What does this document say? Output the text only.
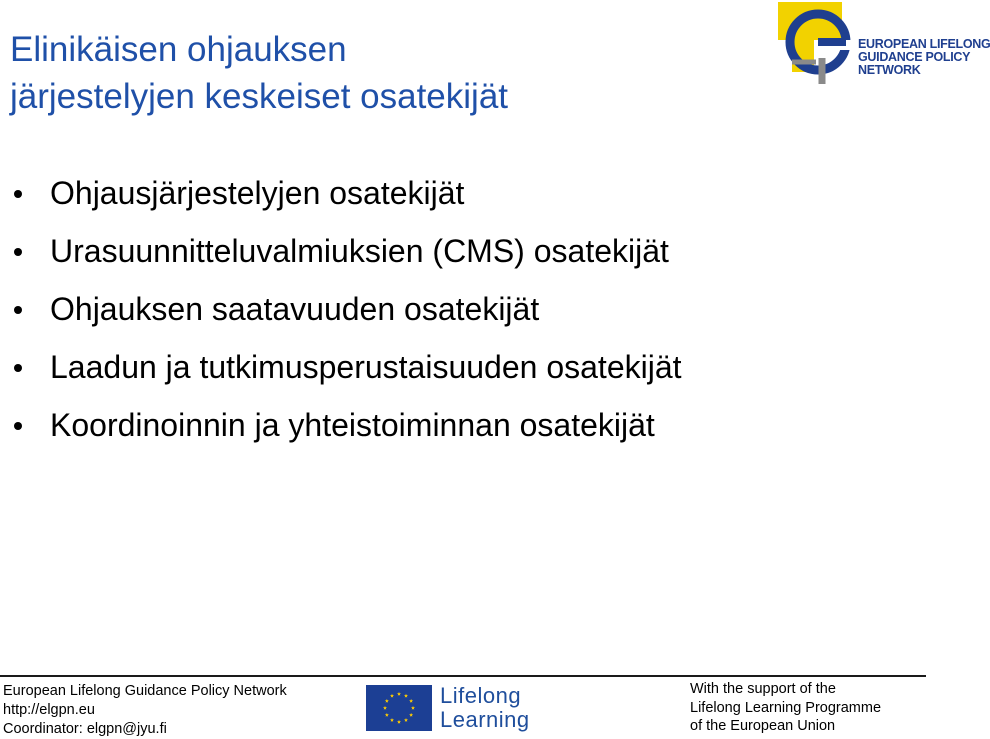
Elinikäisen ohjauksen
järjestelyjen keskeiset osatekijät
EUROPEAN LIFELONG
GUIDANCE POLICY
NETWORK
Ohjausjärjestelyjen osatekijät
Urasuunnitteluvalmiuksien (CMS) osatekijät
Ohjauksen saatavuuden osatekijät
Laadun ja tutkimusperustaisuuden osatekijät
Koordinoinnin ja yhteistoiminnan osatekijät
European Lifelong Guidance Policy Network
http://elgpn.eu
Coordinator: elgpn@jyu.fi
Lifelong
Learning
With the support of the
Lifelong Learning Programme
of the European Union
